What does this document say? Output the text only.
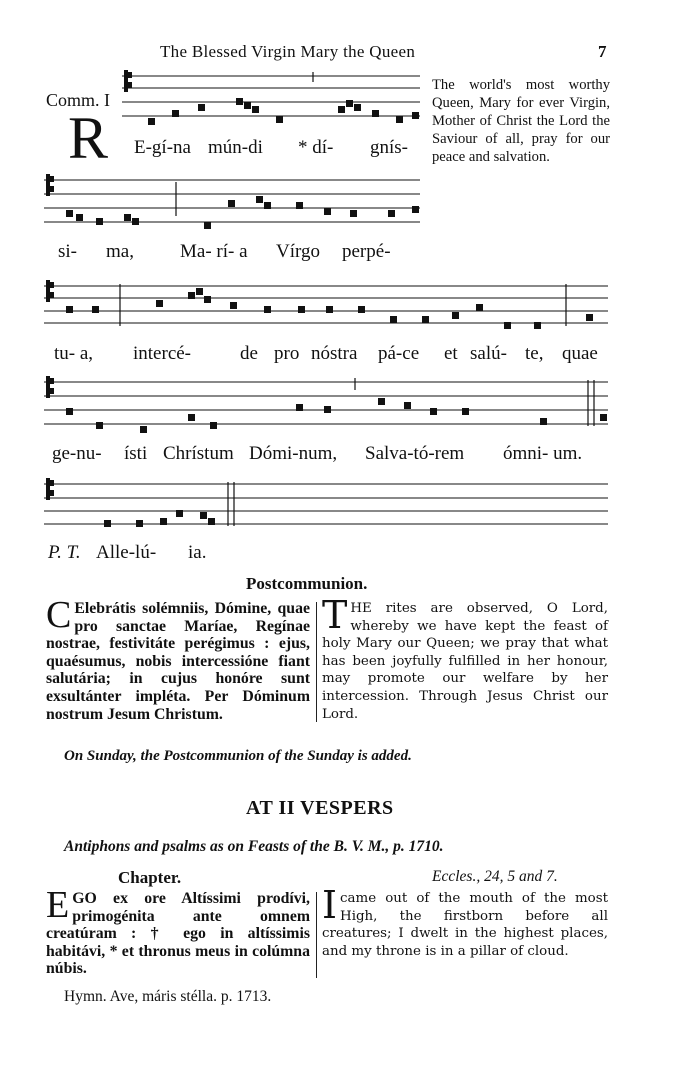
The Blessed Virgin Mary the Queen	7
Comm. I
R E-gí-na mún-di * dí- gnís-
si- ma, Ma- rí- a Vírgo perpé-
tu- a, intercé-	de pro nóstra pá-ce et salú- te, quae
ge-nu- ísti Chrístum Dómi-num, Salva-tó-rem ómni- um.
P. T. Alle-lú- ia.
The world's most worthy Queen, Mary for ever Virgin, Mother of Christ the Lord the Saviour of all, pray for our peace and salvation.
Postcommunion.
C Elebrátis solémniis, Dómine, quae pro sanctae Maríae, Regínae nostrae, festivitáte perégimus : ejus, quaésumus, nobis intercessióne fiant salutária; in cujus honóre sunt exsultánter impléta. Per Dóminum nostrum Jesum Christum.
THE rites are observed, O Lord, whereby we have kept the feast of holy Mary our Queen; we pray that what has been joyfully fulfilled in her honour, may promote our welfare by her intercession. Through Jesus Christ our Lord.
On Sunday, the Postcommunion of the Sunday is added.
AT II VESPERS
Antiphons and psalms as on Feasts of the B. V. M., p. 1710.
Chapter.	Eccles., 24, 5 and 7.
EGO ex ore Altíssimi prodívi, primogénita ante omnem creatúram : † ego in altíssimis habitávi, * et thronus meus in colúmna núbis.
Icame out of the mouth of the most High, the firstborn before all creatures; I dwelt in the highest places, and my throne is in a pillar of cloud.
Hymn. Ave, máris stélla. p. 1713.
